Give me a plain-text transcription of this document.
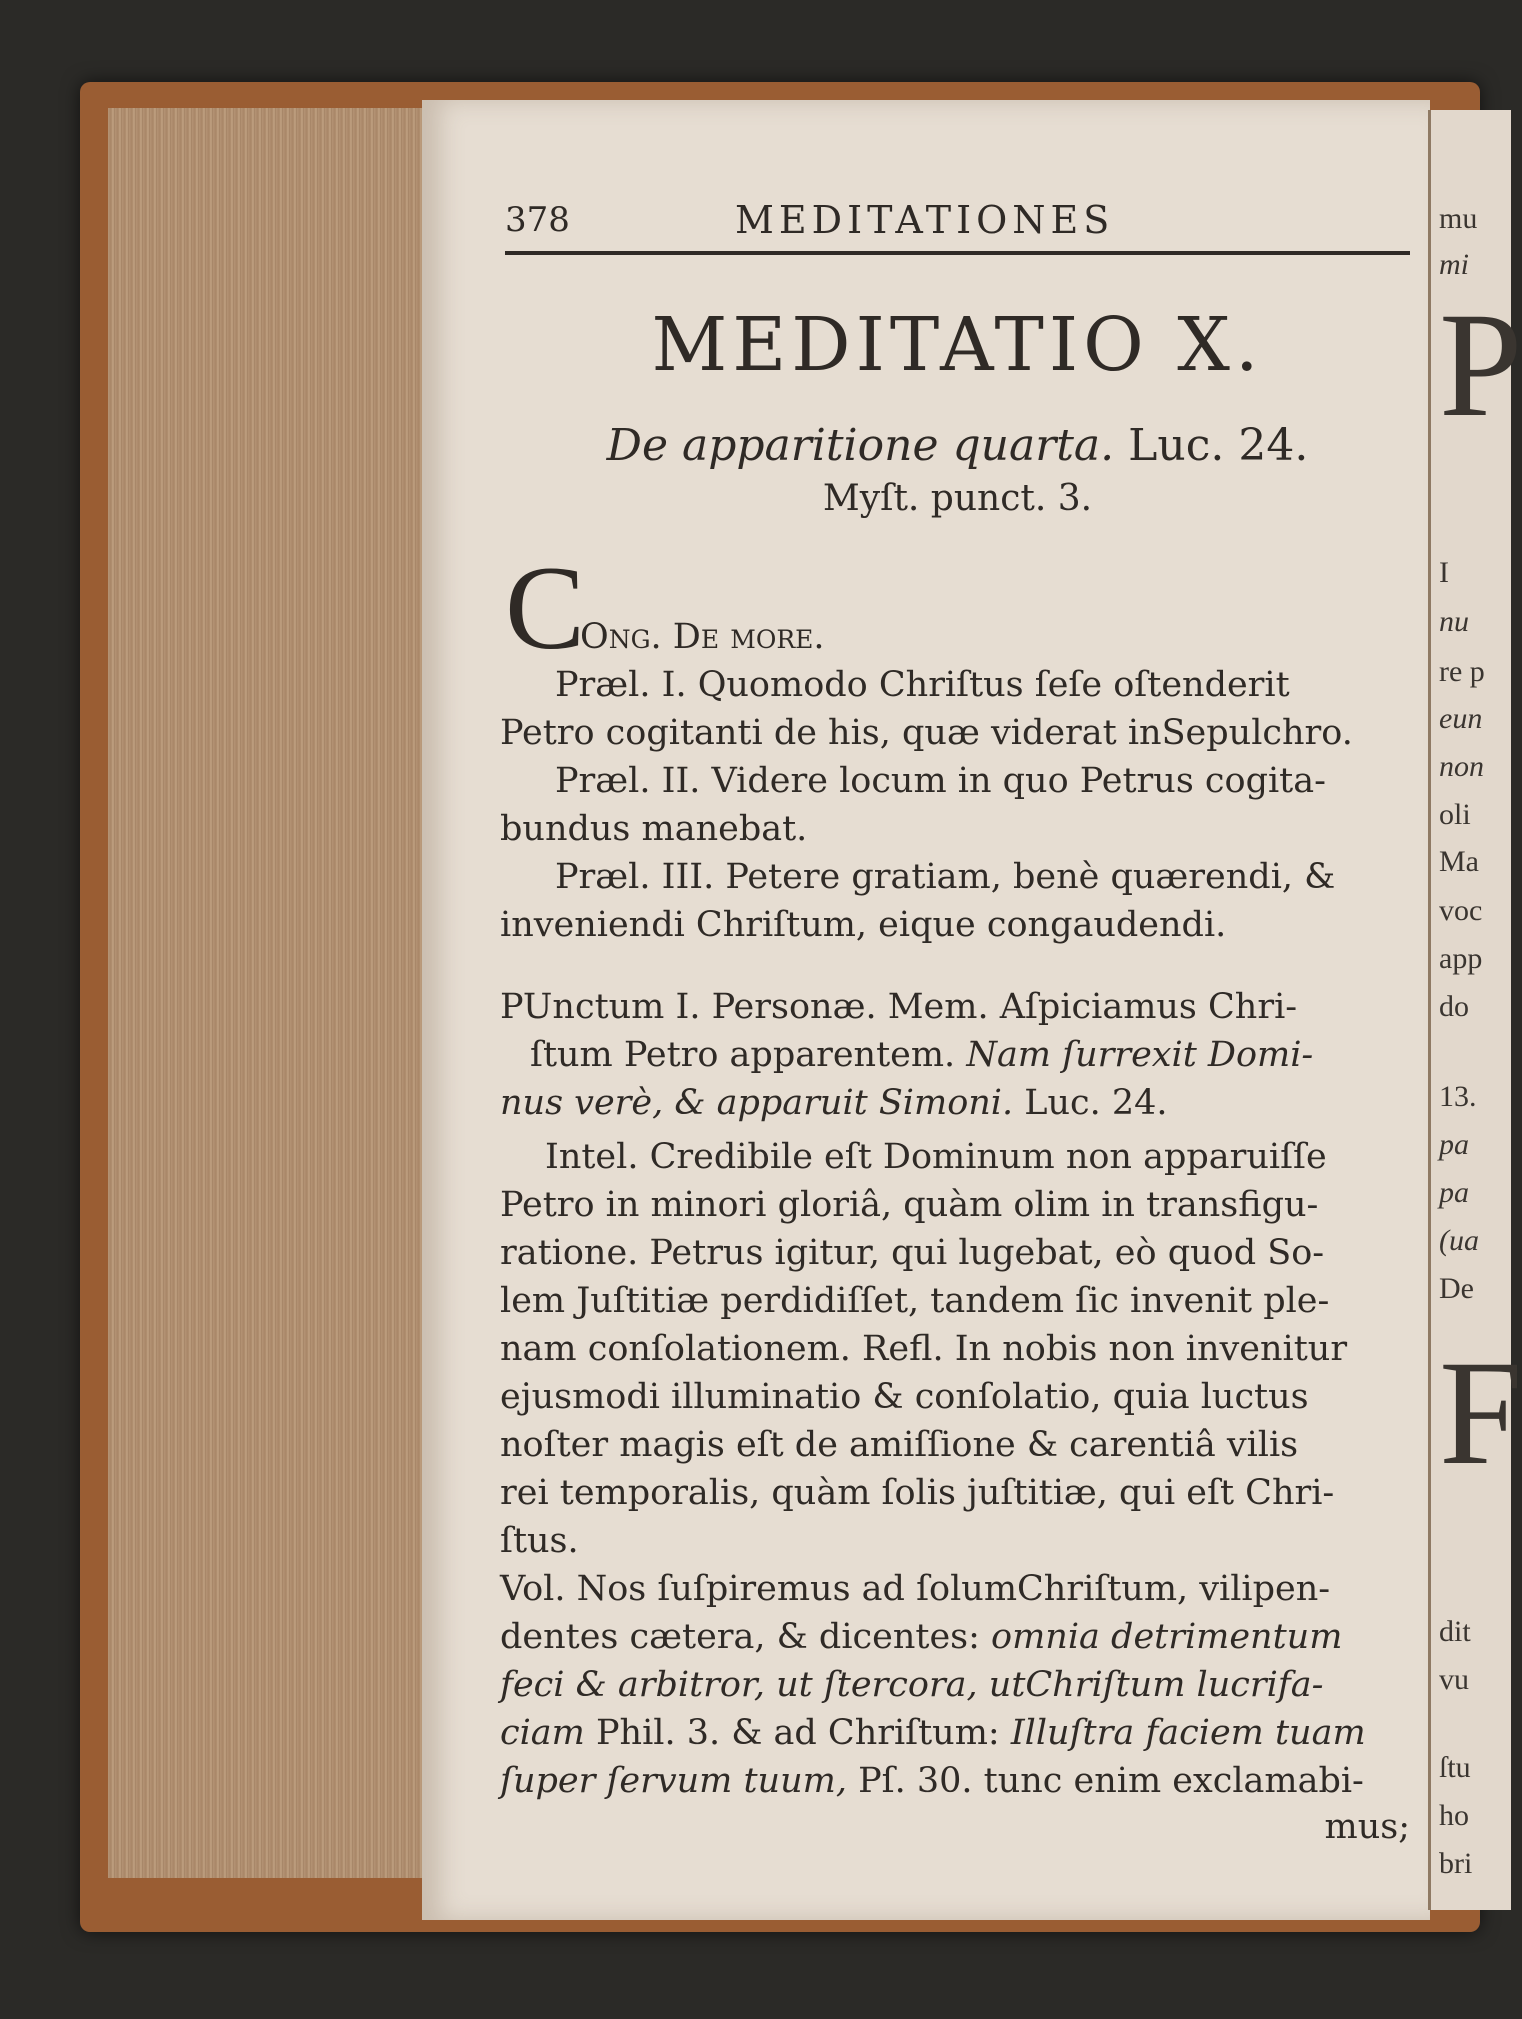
mu
mi
P
I
nu
re p
eun
non
oli
Ma
voc
app
do
13.
pa
pa
(ua
De
F
dit
vu
ſtu
ho
bri
378	MEDITATIONES
MEDITATIO X.
De apparitione quarta. Luc. 24.
Myſt. punct. 3.
C
Ong. De more.
Præl. I. Quomodo Chriſtus ſeſe oſtenderit
Petro cogitanti de his, quæ viderat inSepulchro.
Præl. II. Videre locum in quo Petrus cogita-
bundus manebat.
Præl. III. Petere gratiam, benè quærendi, &
inveniendi Chriſtum, eique congaudendi.
PUnctum I. Personæ. Mem. Aſpiciamus Chri-
ſtum Petro apparentem. Nam ſurrexit Domi-
nus verè, & apparuit Simoni. Luc. 24.
Intel. Credibile eſt Dominum non apparuiſſe
Petro in minori gloriâ, quàm olim in transfigu-
ratione. Petrus igitur, qui lugebat, eò quod So-
lem Juſtitiæ perdidiſſet, tandem ſic invenit ple-
nam conſolationem. Refl. In nobis non invenitur
ejusmodi illuminatio & conſolatio, quia luctus
noſter magis eſt de amiſſione & carentiâ vilis
rei temporalis, quàm ſolis juſtitiæ, qui eſt Chri-
ſtus.
Vol. Nos ſuſpiremus ad ſolumChriſtum, vilipen-
dentes cætera, & dicentes: omnia detrimentum
feci & arbitror, ut ſtercora, utChriſtum lucrifa-
ciam Phil. 3. & ad Chriſtum: Illuſtra faciem tuam
ſuper ſervum tuum, Pſ. 30. tunc enim exclamabi-
mus;
